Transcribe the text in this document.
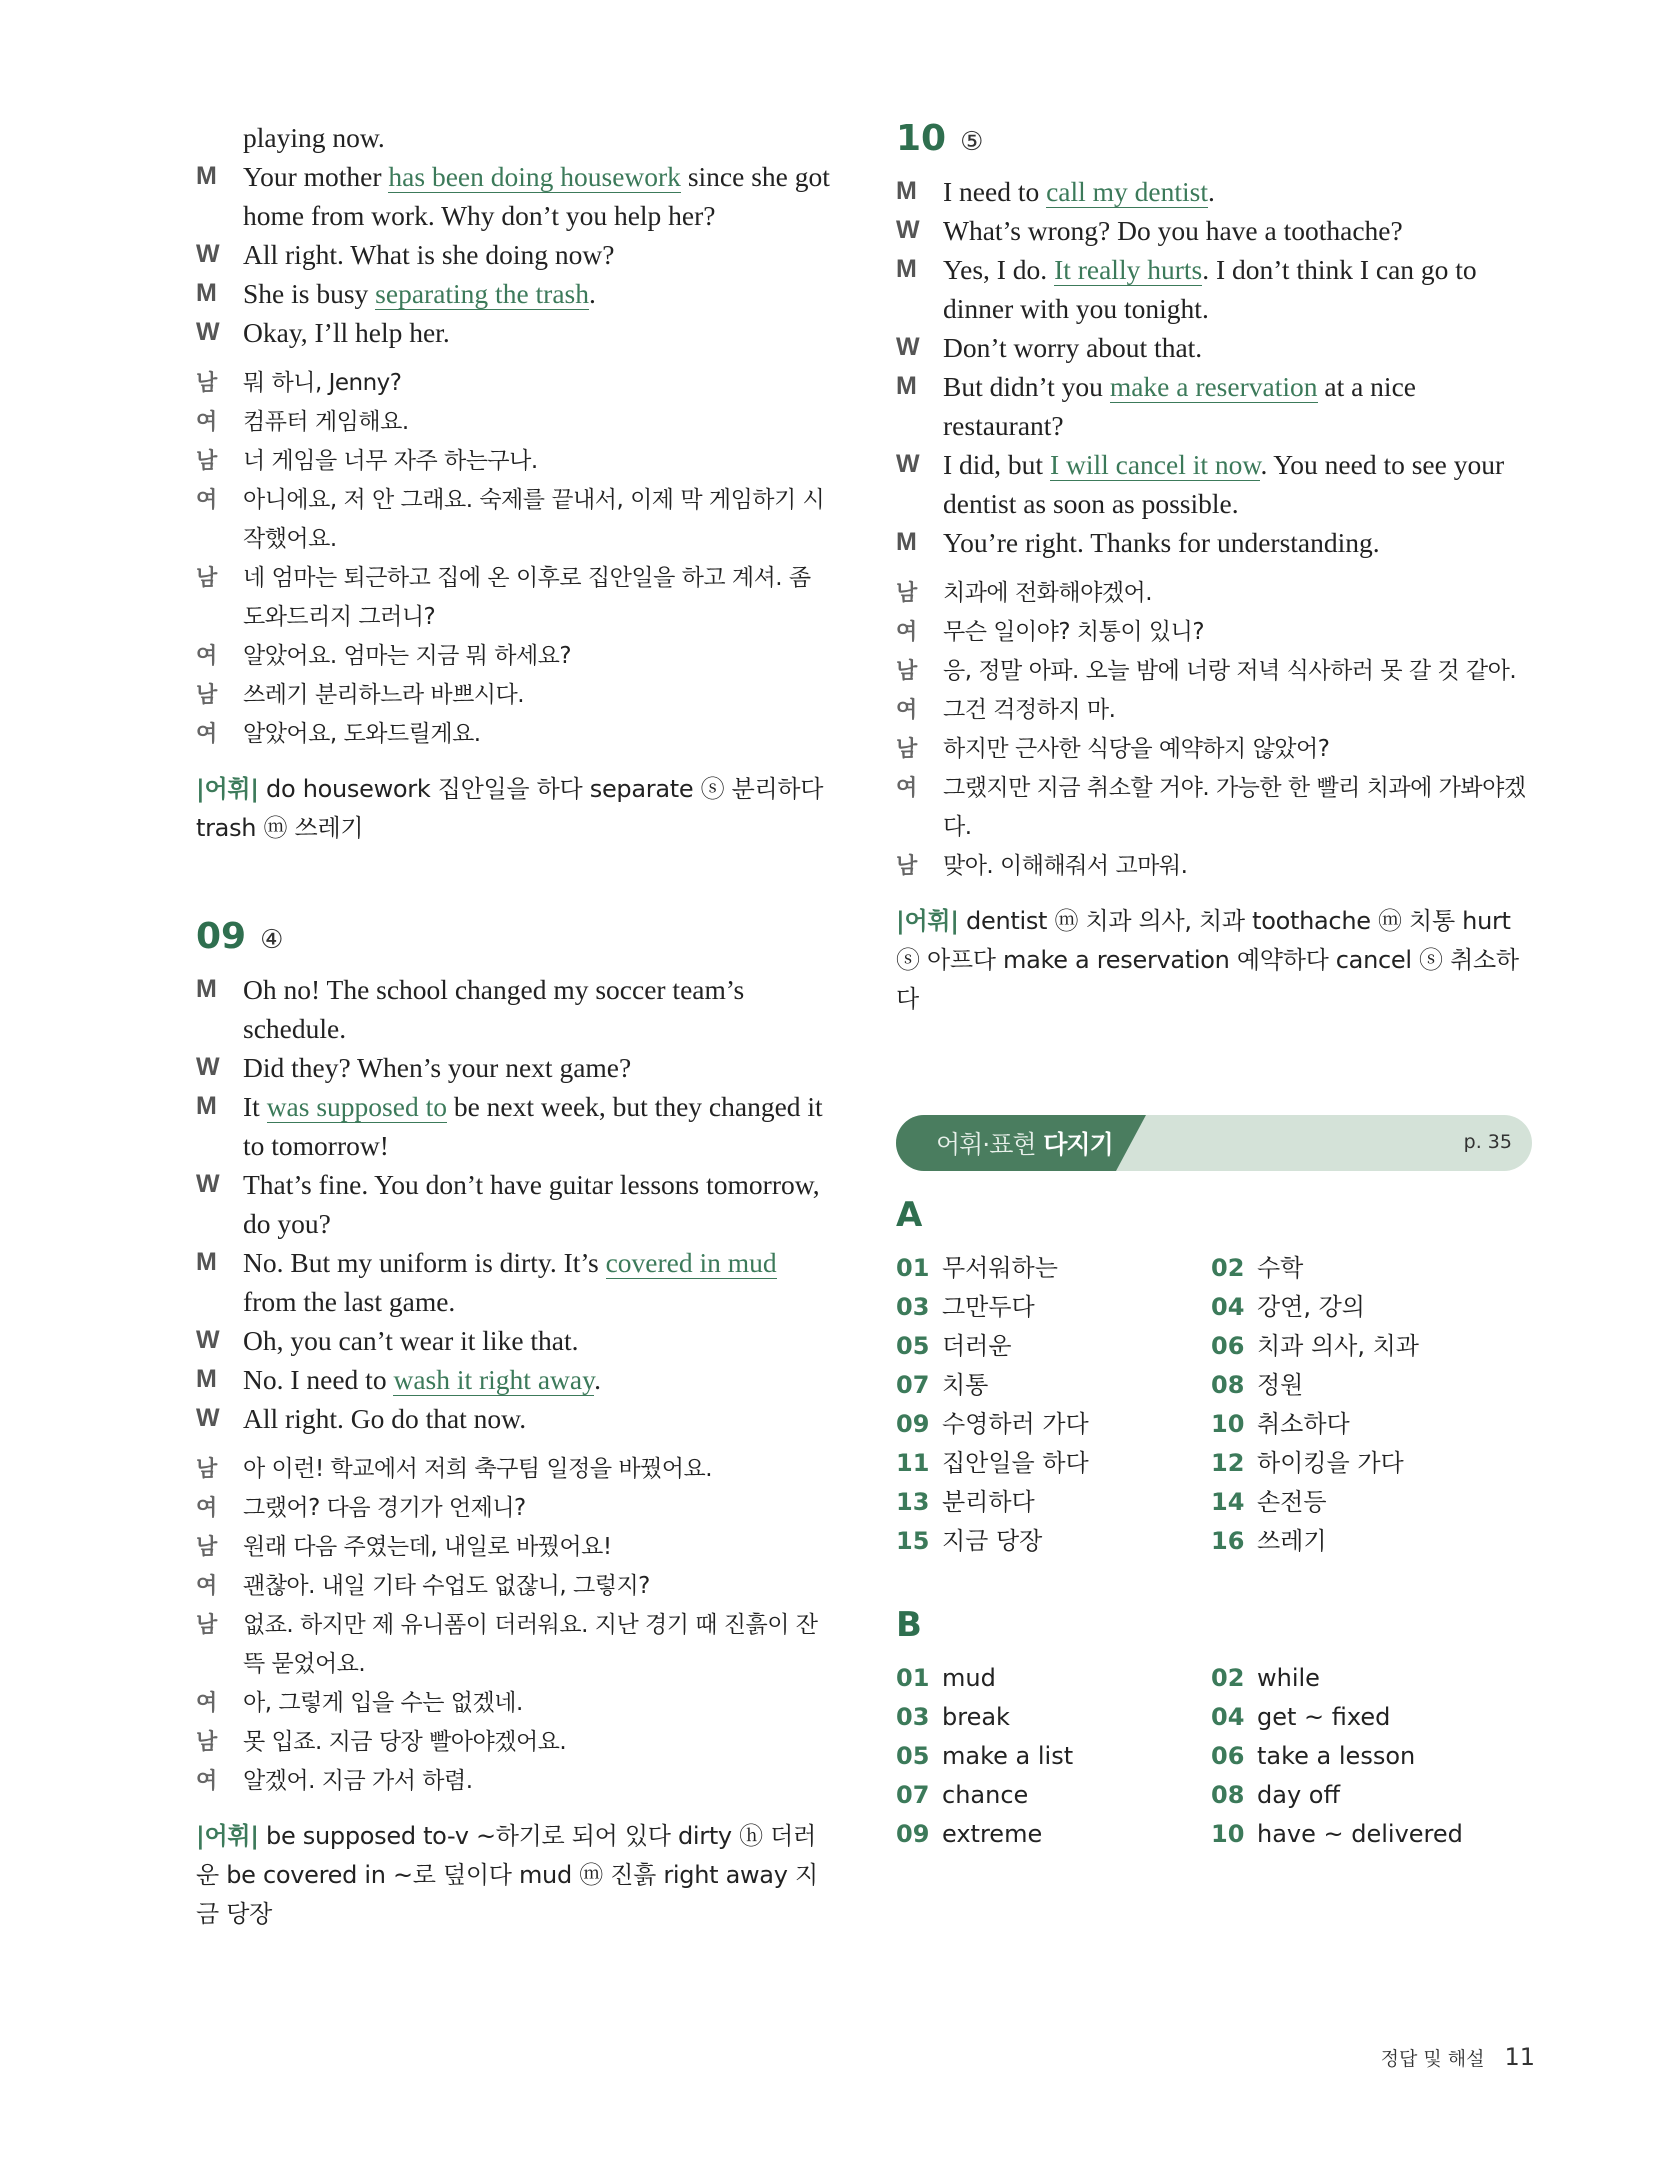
playing now.
M Your mother has been doing housework since she got home from work. Why don’t you help her?
W All right. What is she doing now?
M She is busy separating the trash.
W Okay, I’ll help her.
남	뭐 하니, Jenny?
여	컴퓨터 게임해요.
남	너 게임을 너무 자주 하는구나.
여	아니에요, 저 안 그래요. 숙제를 끝내서, 이제 막 게임하기 시작했어요.
남	네 엄마는 퇴근하고 집에 온 이후로 집안일을 하고 계셔. 좀 도와드리지 그러니?
여	알았어요. 엄마는 지금 뭐 하세요?
남	쓰레기 분리하느라 바쁘시다.
여	알았어요, 도와드릴게요.
|어휘| do housework 집안일을 하다 separate ⓢ 분리하다 trash ⓜ 쓰레기
09 ④
M Oh no! The school changed my soccer team’s schedule.
W Did they? When’s your next game?
M It was supposed to be next week, but they changed it to tomorrow!
W That’s fine. You don’t have guitar lessons tomorrow, do you?
M No. But my uniform is dirty. It’s covered in mud from the last game.
W Oh, you can’t wear it like that.
M No. I need to wash it right away.
W All right. Go do that now.
남	아 이런! 학교에서 저희 축구팀 일정을 바꿨어요.
여	그랬어? 다음 경기가 언제니?
남	원래 다음 주였는데, 내일로 바꿨어요!
여	괜찮아. 내일 기타 수업도 없잖니, 그렇지?
남	없죠. 하지만 제 유니폼이 더러워요. 지난 경기 때 진흙이 잔뜩 묻었어요.
여	아, 그렇게 입을 수는 없겠네.
남	못 입죠. 지금 당장 빨아야겠어요.
여	알겠어. 지금 가서 하렴.
|어휘| be supposed to-v ~하기로 되어 있다 dirty ⓗ 더러운 be covered in ~로 덮이다 mud ⓜ 진흙 right away 지금 당장
10 ⑤
M I need to call my dentist.
W What’s wrong? Do you have a toothache?
M Yes, I do. It really hurts. I don’t think I can go to dinner with you tonight.
W Don’t worry about that.
M But didn’t you make a reservation at a nice restaurant?
W I did, but I will cancel it now. You need to see your dentist as soon as possible.
M You’re right. Thanks for understanding.
남	치과에 전화해야겠어.
여	무슨 일이야? 치통이 있니?
남	응, 정말 아파. 오늘 밤에 너랑 저녁 식사하러 못 갈 것 같아.
여	그건 걱정하지 마.
남	하지만 근사한 식당을 예약하지 않았어?
여	그랬지만 지금 취소할 거야. 가능한 한 빨리 치과에 가봐야겠다.
남	맞아. 이해해줘서 고마워.
|어휘| dentist ⓜ 치과 의사, 치과 toothache ⓜ 치통 hurt ⓢ 아프다 make a reservation 예약하다 cancel ⓢ 취소하다
어휘·표현 다지기	p. 35
A
01 무서워하는	02 수학
03 그만두다	04 강연, 강의
05 더러운	06 치과 의사, 치과
07 치통	08 정원
09 수영하러 가다	10 취소하다
11 집안일을 하다	12 하이킹을 가다
13 분리하다	14 손전등
15 지금 당장	16 쓰레기
B
01 mud	02 while
03 break	04 get ~ fixed
05 make a list	06 take a lesson
07 chance	08 day off
09 extreme	10 have ~ delivered
정답 및 해설 11
